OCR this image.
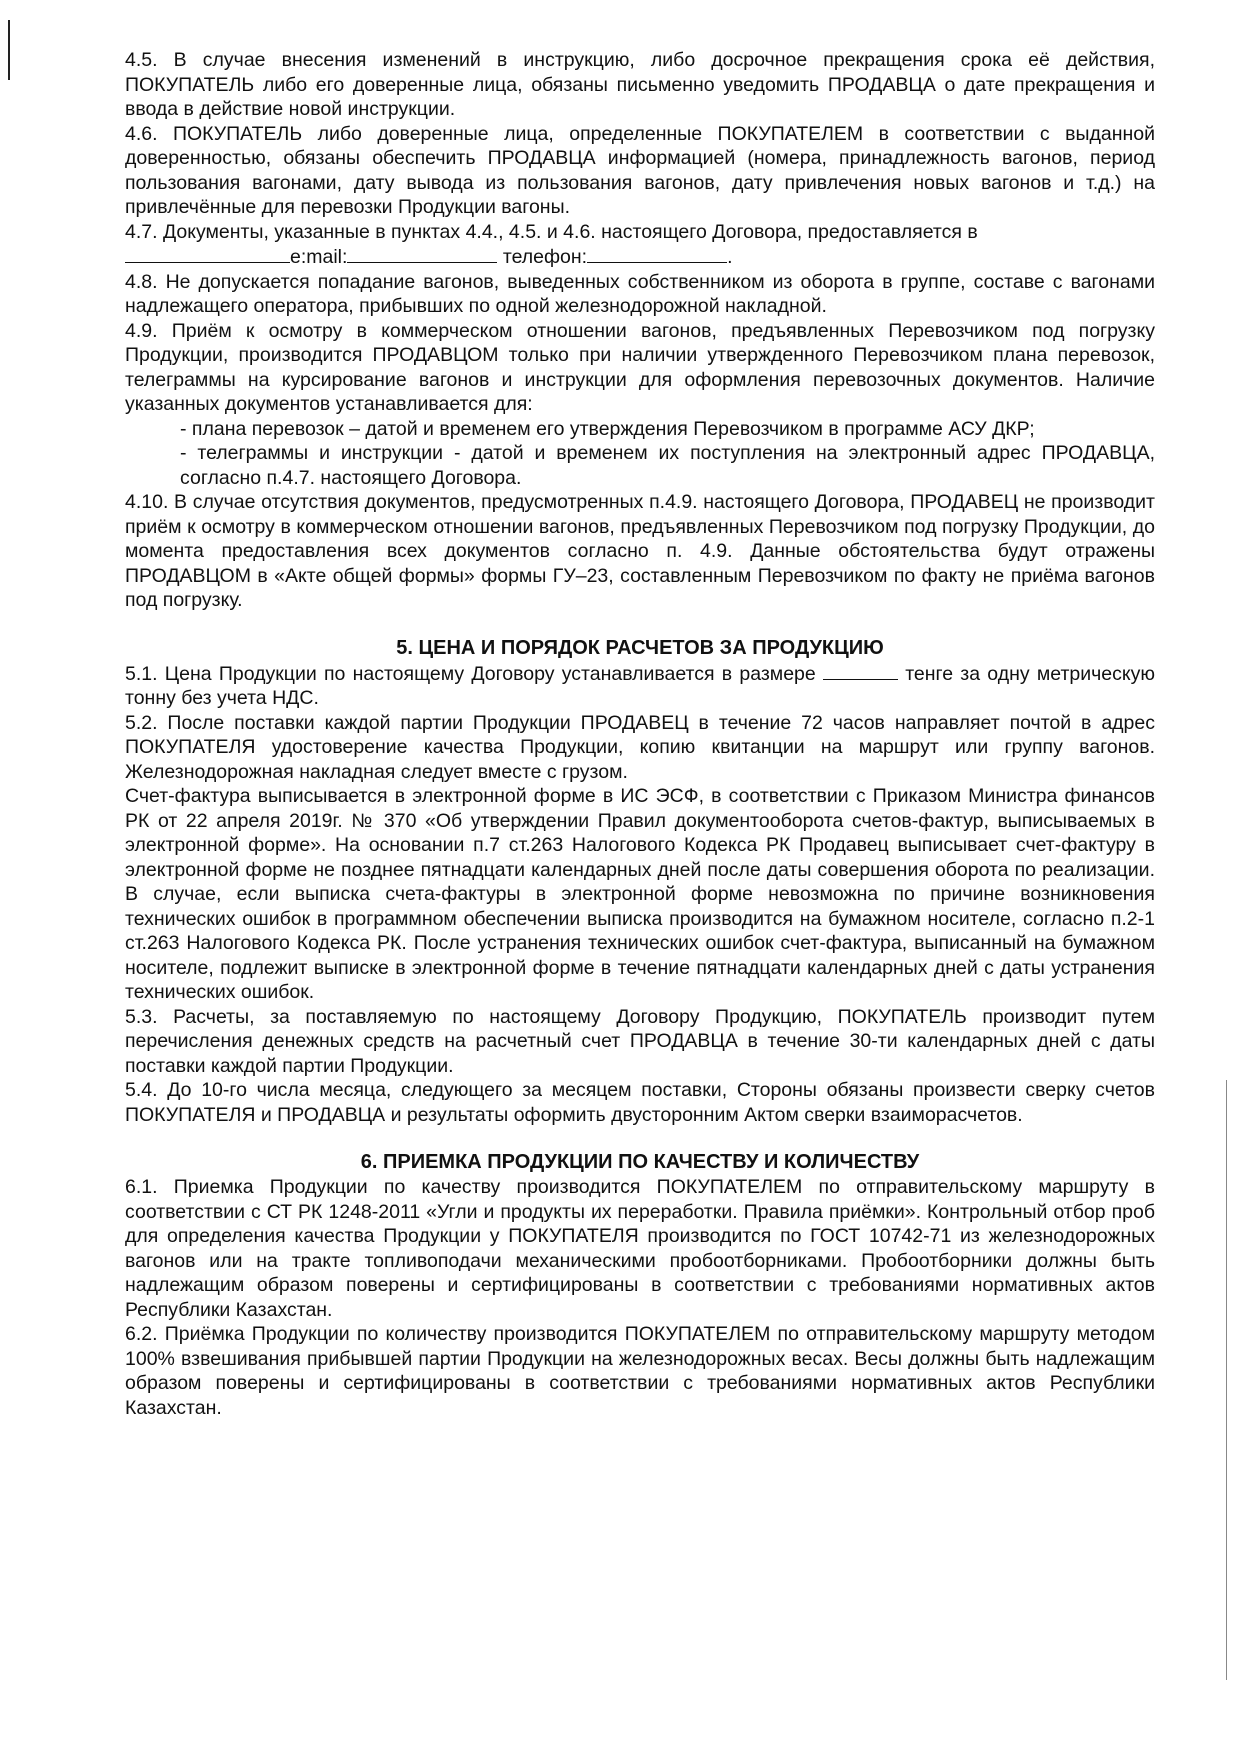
4.5. В случае внесения изменений в инструкцию, либо досрочное прекращения срока её действия, ПОКУПАТЕЛЬ либо его доверенные лица, обязаны письменно уведомить ПРОДАВЦА о дате прекращения и ввода в действие новой инструкции.

4.6. ПОКУПАТЕЛЬ либо доверенные лица, определенные ПОКУПАТЕЛЕМ в соответствии с выданной доверенностью, обязаны обеспечить ПРОДАВЦА информацией (номера, принадлежность вагонов, период пользования вагонами, дату вывода из пользования вагонов, дату привлечения новых вагонов и т.д.) на привлечённые для перевозки Продукции вагоны.

4.7. Документы, указанные в пунктах 4.4., 4.5. и 4.6. настоящего Договора, предоставляется в
e:mail:	телефон:	.

4.8. Не допускается попадание вагонов, выведенных собственником из оборота в группе, составе с вагонами надлежащего оператора, прибывших по одной железнодорожной накладной.

4.9. Приём к осмотру в коммерческом отношении вагонов, предъявленных Перевозчиком под погрузку Продукции, производится ПРОДАВЦОМ только при наличии утвержденного Перевозчиком плана перевозок, телеграммы на курсирование вагонов и инструкции для оформления перевозочных документов. Наличие указанных документов устанавливается для:

- плана перевозок – датой и временем его утверждения Перевозчиком в программе АСУ ДКР;

- телеграммы и инструкции - датой и временем их поступления на электронный адрес ПРОДАВЦА, согласно п.4.7. настоящего Договора.

4.10. В случае отсутствия документов, предусмотренных п.4.9. настоящего Договора, ПРОДАВЕЦ не производит приём к осмотру в коммерческом отношении вагонов, предъявленных Перевозчиком под погрузку Продукции, до момента предоставления всех документов согласно п. 4.9. Данные обстоятельства будут отражены ПРОДАВЦОМ в «Акте общей формы» формы ГУ–23, составленным Перевозчиком по факту не приёма вагонов под погрузку.

5. ЦЕНА И ПОРЯДОК РАСЧЕТОВ ЗА ПРОДУКЦИЮ

5.1. Цена Продукции по настоящему Договору устанавливается в размере	тенге за одну метрическую тонну без учета НДС.

5.2. После поставки каждой партии Продукции ПРОДАВЕЦ в течение 72 часов направляет почтой в адрес ПОКУПАТЕЛЯ удостоверение качества Продукции, копию квитанции на маршрут или группу вагонов. Железнодорожная накладная следует вместе с грузом.

Счет-фактура выписывается в электронной форме в ИС ЭСФ, в соответствии с Приказом Министра финансов РК от 22 апреля 2019г. № 370 «Об утверждении Правил документооборота счетов-фактур, выписываемых в электронной форме». На основании п.7 ст.263 Налогового Кодекса РК Продавец выписывает счет-фактуру в электронной форме не позднее пятнадцати календарных дней после даты совершения оборота по реализации. В случае, если выписка счета-фактуры в электронной форме невозможна по причине возникновения технических ошибок в программном обеспечении выписка производится на бумажном носителе, согласно п.2-1 ст.263 Налогового Кодекса РК. После устранения технических ошибок счет-фактура, выписанный на бумажном носителе, подлежит выписке в электронной форме в течение пятнадцати календарных дней с даты устранения технических ошибок.

5.3. Расчеты, за поставляемую по настоящему Договору Продукцию, ПОКУПАТЕЛЬ производит путем перечисления денежных средств на расчетный счет ПРОДАВЦА в течение 30-ти календарных дней с даты поставки каждой партии Продукции.

5.4. До 10-го числа месяца, следующего за месяцем поставки, Стороны обязаны произвести сверку счетов ПОКУПАТЕЛЯ и ПРОДАВЦА и результаты оформить двусторонним Актом сверки взаиморасчетов.

6. ПРИЕМКА ПРОДУКЦИИ ПО КАЧЕСТВУ И КОЛИЧЕСТВУ

6.1. Приемка Продукции по качеству производится ПОКУПАТЕЛЕМ по отправительскому маршруту в соответствии с СТ РК 1248-2011 «Угли и продукты их переработки. Правила приёмки». Контрольный отбор проб для определения качества Продукции у ПОКУПАТЕЛЯ производится по ГОСТ 10742-71 из железнодорожных вагонов или на тракте топливоподачи механическими пробоотборниками. Пробоотборники должны быть надлежащим образом поверены и сертифицированы в соответствии с требованиями нормативных актов Республики Казахстан.

6.2. Приёмка Продукции по количеству производится ПОКУПАТЕЛЕМ по отправительскому маршруту методом 100% взвешивания прибывшей партии Продукции на железнодорожных весах. Весы должны быть надлежащим образом поверены и сертифицированы в соответствии с требованиями нормативных актов Республики Казахстан.
